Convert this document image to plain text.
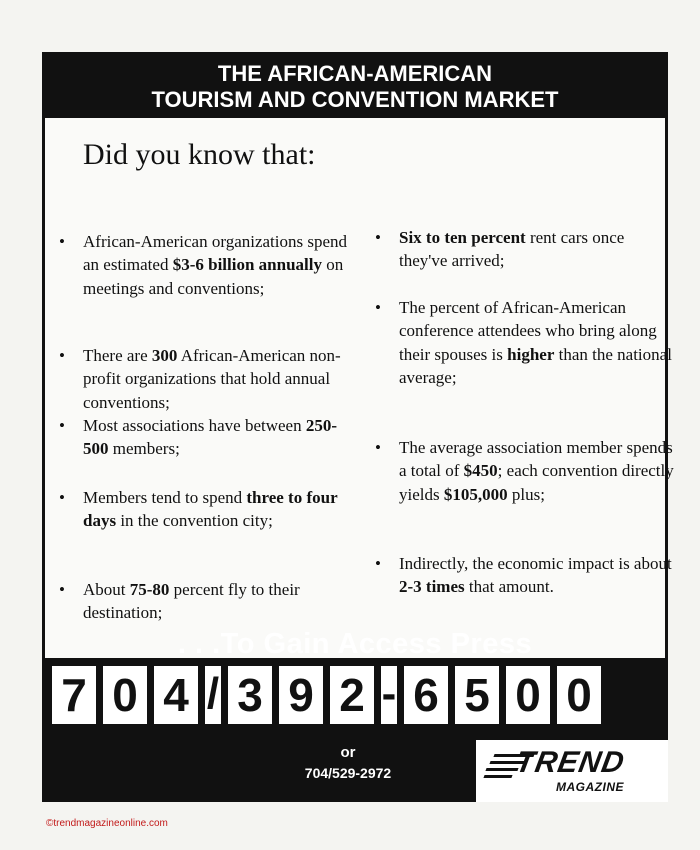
THE AFRICAN-AMERICAN
TOURISM AND CONVENTION MARKET
Did you know that:
•	African-American organizations spend an estimated $3-6 billion annually on meetings and conventions;
•	There are 300 African-American non-profit organizations that hold annual conventions;
•	Most associations have between 250-500 members;
•	Members tend to spend three to four days in the convention city;
•	About 75-80 percent fly to their destination;
•	Six to ten percent rent cars once they've arrived;
•	The percent of African-American conference attendees who bring along their spouses is higher than the national average;
•	The average association member spends a total of $450; each convention directly yields $105,000 plus;
•	Indirectly, the economic impact is about 2-3 times that amount.
. . .To Gain Access Press
7 0 4 / 3 9 2 - 6 5 0 0
or
704/529-2972	TREND
MAGAZINE
©trendmagazineonline.com
